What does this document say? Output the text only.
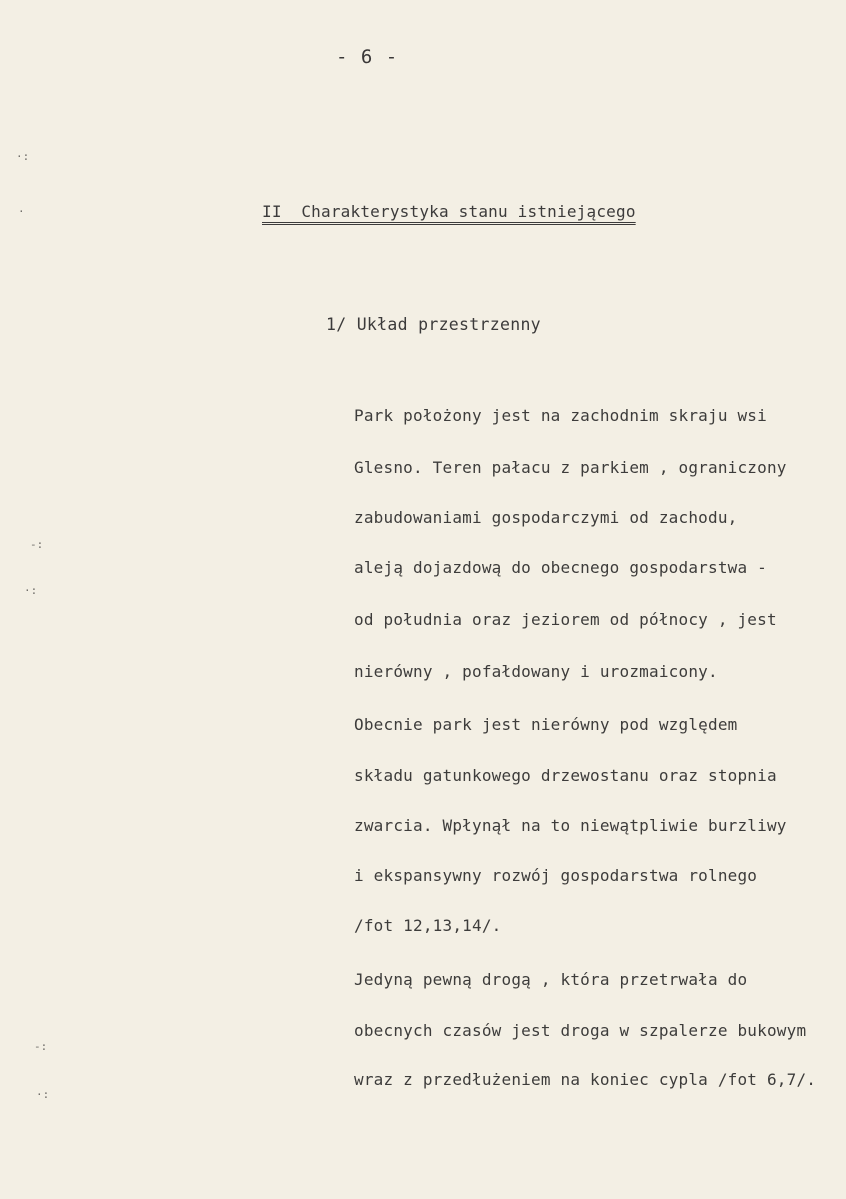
- 6 -
II  Charakterystyka stanu istniejącego
1/ Układ przestrzenny
Park położony jest na zachodnim skraju wsi
Glesno. Teren pałacu z parkiem , ograniczony
zabudowaniami gospodarczymi od zachodu,
aleją dojazdową do obecnego gospodarstwa -
od południa oraz jeziorem od północy , jest
nierówny , pofałdowany i urozmaicony.
Obecnie park jest nierówny pod względem
składu gatunkowego drzewostanu oraz stopnia
zwarcia. Wpłynął na to niewątpliwie burzliwy
i ekspansywny rozwój gospodarstwa rolnego
/fot 12,13,14/.
Jedyną pewną drogą , która przetrwała do
obecnych czasów jest droga w szpalerze bukowym
wraz z przedłużeniem na koniec cypla /fot 6,7/.
·:
·
-:
·:
-:
·:
